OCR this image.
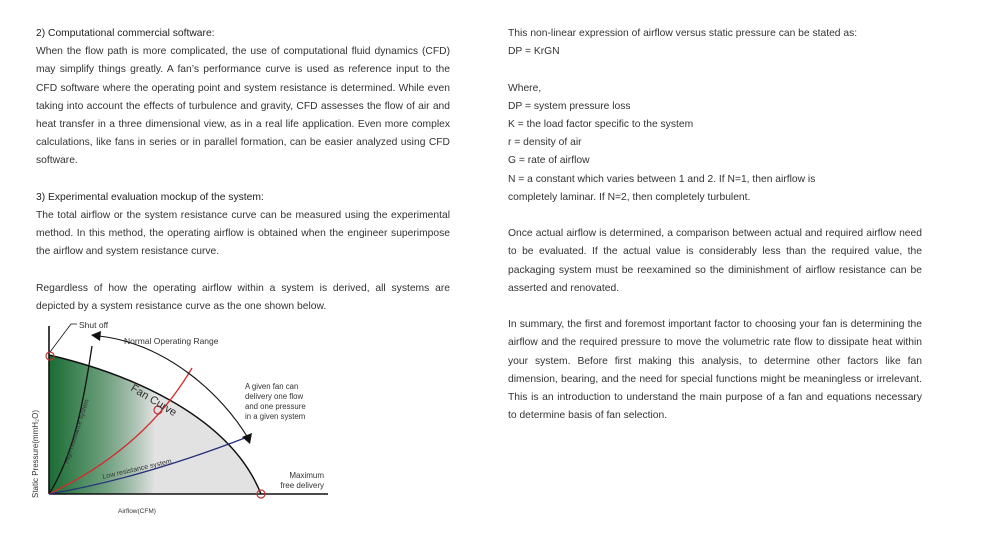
2) Computational commercial software:

When the flow path is more complicated, the use of computational fluid dynamics (CFD) may simplify things greatly. A fan’s performance curve is used as reference input to the CFD software where the operating point and system resistance is determined. While even taking into account the effects of turbulence and gravity, CFD assesses the flow of air and heat transfer in a three dimensional view, as in a real life application. Even more complex calculations, like fans in series or in parallel formation, can be easier analyzed using CFD software.

3) Experimental evaluation mockup of the system:

The total airflow or the system resistance curve can be measured using the experimental method. In this method, the operating airflow is obtained when the engineer superimpose the airflow and system resistance curve.

Regardless of how the operating airflow within a system is derived, all systems are depicted by a system resistance curve as the one shown below.

Shut off
Normal Operating Range
Fan Curve	A given fan can
delivery one flow
and one pressure
in a given system
High resistance system
Low resistance system	Maximum
free delivery
Static Pressure(mmH₂O)
Airflow(CFM)

This non-linear expression of airflow versus static pressure can be stated as:

DP = KrGN

Where,

DP = system pressure loss

K = the load factor specific to the system

r = density of air

G = rate of airflow

N = a constant which varies between 1 and 2. If N=1, then airflow is

completely laminar. If N=2, then completely turbulent.

Once actual airflow is determined, a comparison between actual and required airflow need to be evaluated. If the actual value is considerably less than the required value, the packaging system must be reexamined so the diminishment of airflow resistance can be asserted and renovated.

In summary, the first and foremost important factor to choosing your fan is determining the airflow and the required pressure to move the volumetric rate flow to dissipate heat within your system. Before first making this analysis, to determine other factors like fan dimension, bearing, and the need for special functions might be meaningless or irrelevant. This is an introduction to understand the main purpose of a fan and equations necessary to determine basis of fan selection.
